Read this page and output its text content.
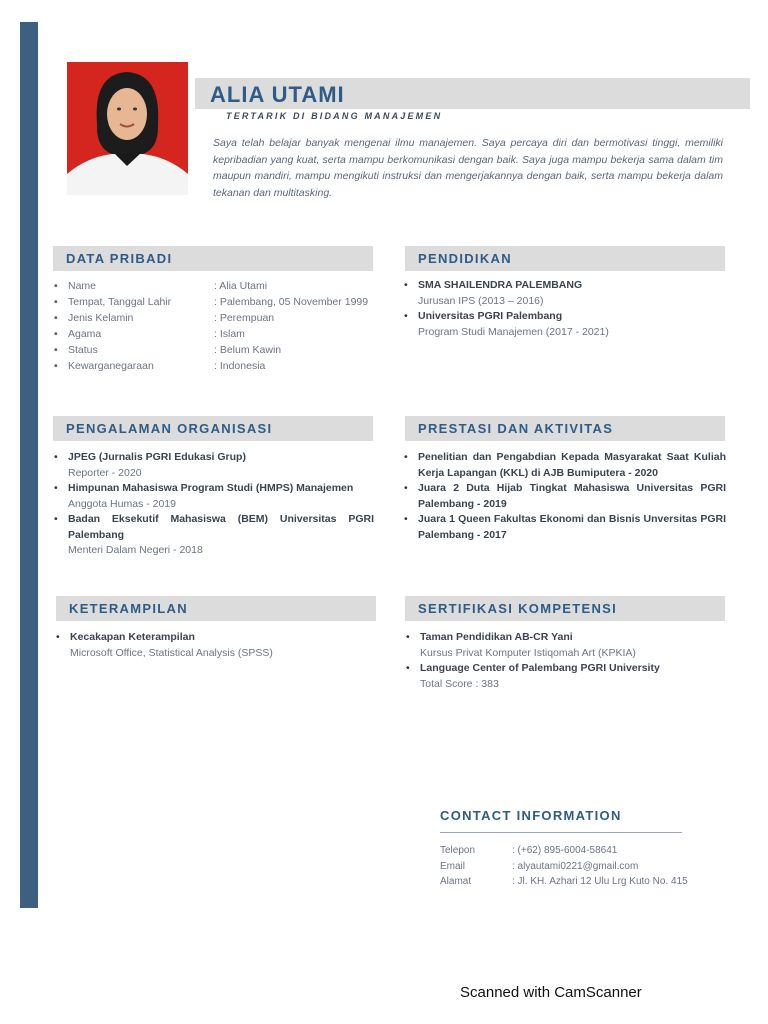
ALIA UTAMI
TERTARIK DI BIDANG MANAJEMEN
Saya telah belajar banyak mengenai ilmu manajemen. Saya percaya diri dan bermotivasi tinggi, memiliki kepribadian yang kuat, serta mampu berkomunikasi dengan baik. Saya juga mampu bekerja sama dalam tim maupun mandiri, mampu mengikuti instruksi dan mengerjakannya dengan baik, serta mampu bekerja dalam tekanan dan multitasking.
DATA PRIBADI
• Name	: Alia Utami
• Tempat, Tanggal Lahir	: Palembang, 05 November 1999
• Jenis Kelamin	: Perempuan
• Agama	: Islam
• Status	: Belum Kawin
• Kewarganegaraan	: Indonesia
PENDIDIKAN
• SMA SHAILENDRA PALEMBANG
Jurusan IPS (2013 – 2016)
• Universitas PGRI Palembang
Program Studi Manajemen (2017 - 2021)
PENGALAMAN ORGANISASI
• JPEG (Jurnalis PGRI Edukasi Grup)
Reporter - 2020
• Himpunan Mahasiswa Program Studi (HMPS) Manajemen
Anggota Humas - 2019
• Badan Eksekutif Mahasiswa (BEM) Universitas PGRI Palembang
Menteri Dalam Negeri - 2018
PRESTASI DAN AKTIVITAS
• Penelitian dan Pengabdian Kepada Masyarakat Saat Kuliah Kerja Lapangan (KKL) di AJB Bumiputera - 2020
• Juara 2 Duta Hijab Tingkat Mahasiswa Universitas PGRI Palembang - 2019
• Juara 1 Queen Fakultas Ekonomi dan Bisnis Unversitas PGRI Palembang - 2017
KETERAMPILAN
• Kecakapan Keterampilan
Microsoft Office, Statistical Analysis (SPSS)
SERTIFIKASI KOMPETENSI
• Taman Pendidikan AB-CR Yani
Kursus Privat Komputer Istiqomah Art (KPKIA)
• Language Center of Palembang PGRI University
Total Score : 383
CONTACT INFORMATION
Telepon	: (+62) 895-6004-58641
Email	: alyautami0221@gmail.com
Alamat	: Jl. KH. Azhari 12 Ulu Lrg Kuto No. 415
Scanned with CamScanner
